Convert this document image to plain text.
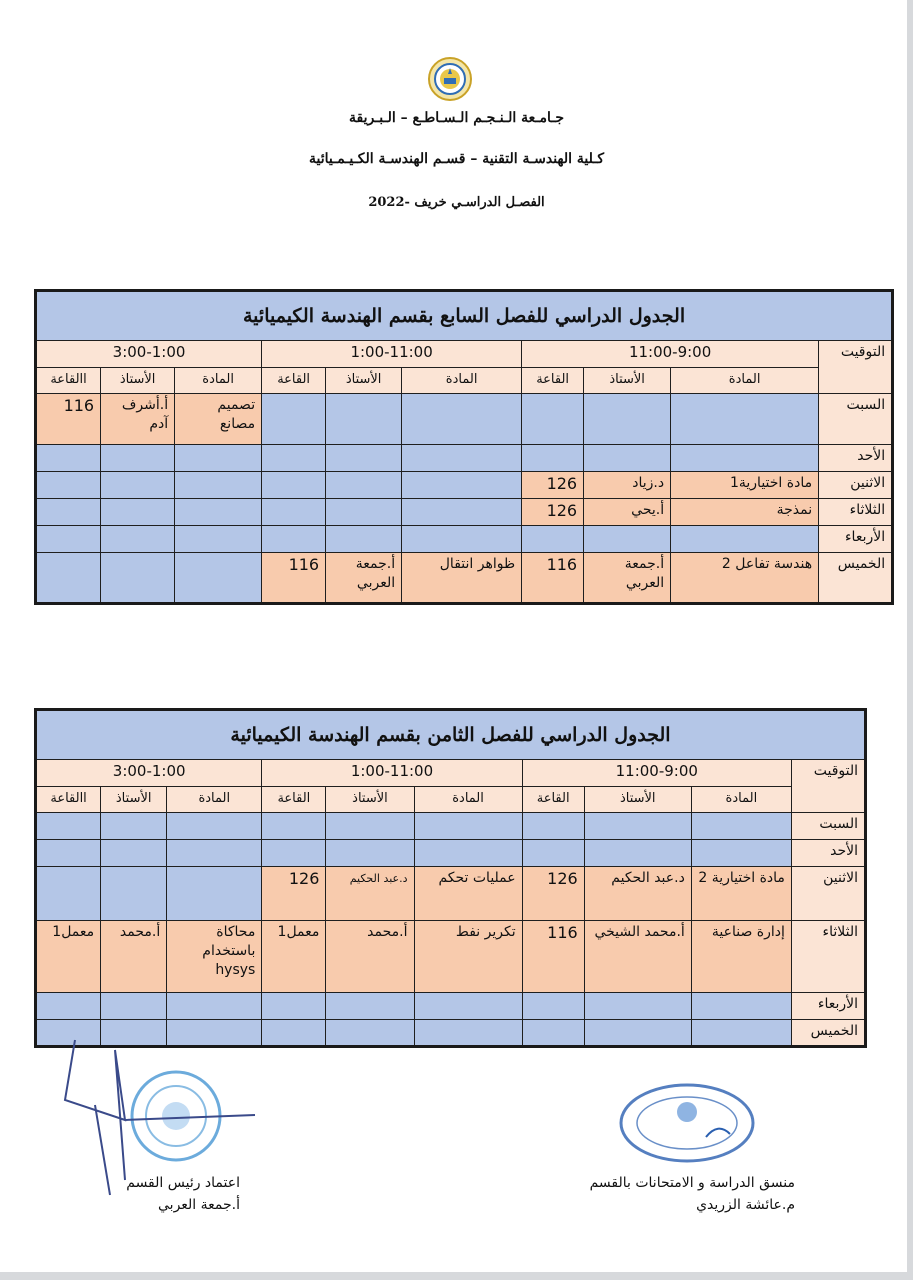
جـامـعة الـنـجـم الـسـاطـع – الـبـريقة
كـلية الهندسـة التقنية – قسـم الهندسـة الكـيـمـيائية
الفصـل الدراسـي خريف -2022
الجدول الدراسي للفصل السابع بقسم الهندسة الكيميائية									
التوقيت	11:00-9:00			1:00-11:00			3:00-1:00		
	المادة	الأستاذ	القاعة	المادة	الأستاذ	القاعة	المادة	الأستاذ	االقاعة
السبت							تصميم مصانع	أ.أشرف آدم	116
الأحد									
الاثنين	مادة اختيارية1	د.زياد	126						
الثلاثاء	نمذجة	أ.يحي	126						
الأربعاء									
الخميس	هندسة تفاعل 2	أ.جمعة العربي	116	ظواهر انتقال	أ.جمعة العربي	116			
الجدول الدراسي للفصل الثامن بقسم الهندسة الكيميائية									
التوقيت	11:00-9:00			1:00-11:00			3:00-1:00		
	المادة	الأستاذ	القاعة	المادة	الأستاذ	القاعة	المادة	الأستاذ	االقاعة
السبت									
الأحد									
الاثنين	مادة اختيارية 2	د.عبد الحكيم	126	عمليات تحكم	د.عبد الحكيم	126			
الثلاثاء	إدارة صناعية	أ.محمد الشيخي	116	تكرير نفط	أ.محمد	معمل1	محاكاة باستخدام hysys	أ.محمد	معمل1
الأربعاء									
الخميس									
اعتماد رئيس القسم
أ.جمعة العربي
منسق الدراسة و الامتحانات بالقسم
م.عائشة الزريدي
